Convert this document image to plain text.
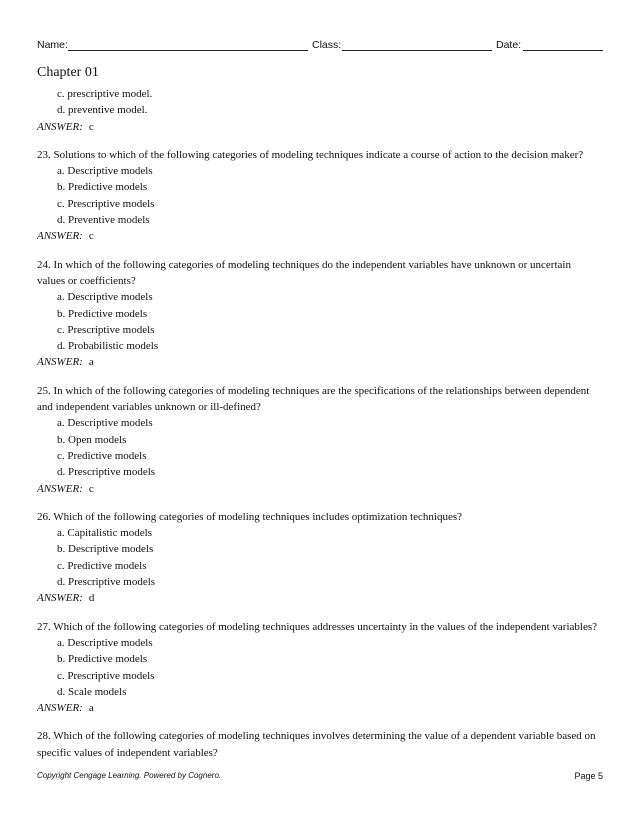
Name:	Class:	Date:
Chapter 01
c. prescriptive model.
d. preventive model.
ANSWER: c
23. Solutions to which of the following categories of modeling techniques indicate a course of action to the decision maker?
a. Descriptive models
b. Predictive models
c. Prescriptive models
d. Preventive models
ANSWER: c
24. In which of the following categories of modeling techniques do the independent variables have unknown or uncertain values or coefficients?
a. Descriptive models
b. Predictive models
c. Prescriptive models
d. Probabilistic models
ANSWER: a
25. In which of the following categories of modeling techniques are the specifications of the relationships between dependent and independent variables unknown or ill-defined?
a. Descriptive models
b. Open models
c. Predictive models
d. Prescriptive models
ANSWER: c
26. Which of the following categories of modeling techniques includes optimization techniques?
a. Capitalistic models
b. Descriptive models
c. Predictive models
d. Prescriptive models
ANSWER: d
27. Which of the following categories of modeling techniques addresses uncertainty in the values of the independent variables?
a. Descriptive models
b. Predictive models
c. Prescriptive models
d. Scale models
ANSWER: a
28. Which of the following categories of modeling techniques involves determining the value of a dependent variable based on specific values of independent variables?
Copyright Cengage Learning. Powered by Cognero.	Page 5
